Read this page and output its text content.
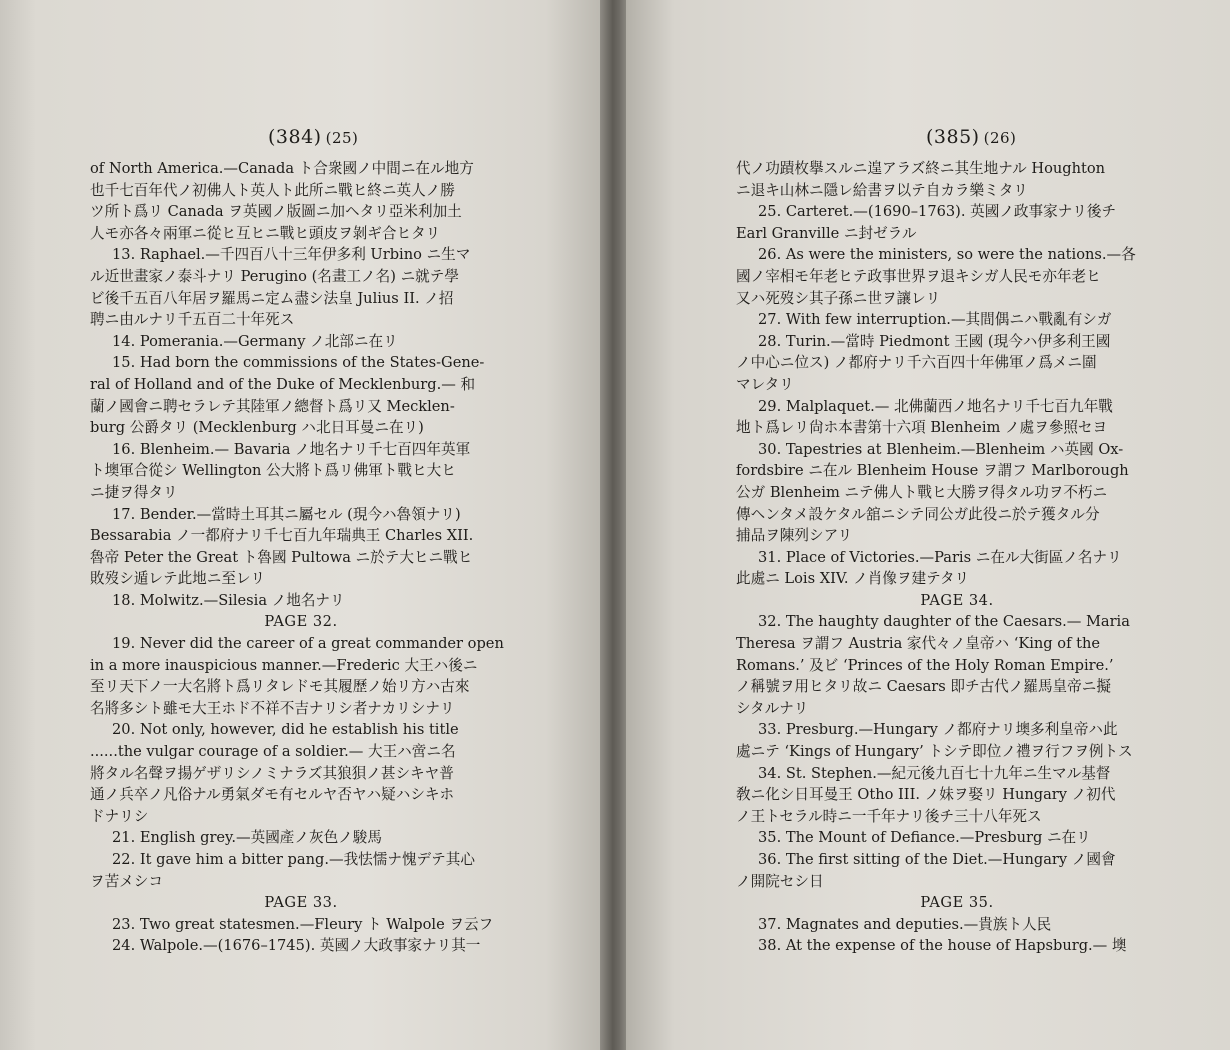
(384) (25)
of North America.—Canada ト合衆國ノ中間ニ在ル地方
也千七百年代ノ初佛人ト英人ト此所ニ戰ヒ終ニ英人ノ勝
ツ所ト爲リ Canada ヲ英國ノ版圖ニ加ヘタリ亞米利加土
人モ亦各々兩軍ニ從ヒ互ヒニ戰ヒ頭皮ヲ剝ギ合ヒタリ
13. Raphael.—千四百八十三年伊多利 Urbino ニ生マ
ル近世畫家ノ泰斗ナリ Perugino (名畫工ノ名) ニ就テ學
ビ後千五百八年居ヲ羅馬ニ定ム盡シ法皇 Julius II. ノ招
聘ニ由ルナリ千五百二十年死ス
14. Pomerania.—Germany ノ北部ニ在リ
15. Had born the commissions of the States-Gene-
ral of Holland and of the Duke of Mecklenburg.— 和
蘭ノ國會ニ聘セラレテ其陸軍ノ總督ト爲リ又 Mecklen-
burg 公爵タリ (Mecklenburg ハ北日耳曼ニ在リ)
16. Blenheim.— Bavaria ノ地名ナリ千七百四年英軍
ト墺軍合從シ Wellington 公大將ト爲リ佛軍ト戰ヒ大ヒ
ニ捷ヲ得タリ
17. Bender.—當時土耳其ニ屬セル (現今ハ魯領ナリ)
Bessarabia ノ一都府ナリ千七百九年瑞典王 Charles XII.
魯帝 Peter the Great ト魯國 Pultowa ニ於テ大ヒニ戰ヒ
敗歿シ遁レテ此地ニ至レリ
18. Molwitz.—Silesia ノ地名ナリ
PAGE 32.
19. Never did the career of a great commander open
in a more inauspicious manner.—Frederic 大王ハ後ニ
至リ天下ノ一大名將ト爲リタレドモ其履歷ノ始リ方ハ古來
名將多シト雖モ大王ホド不祥不吉ナリシ者ナカリシナリ
20. Not only, however, did he establish his title
......the vulgar courage of a soldier.— 大王ハ啻ニ名
將タル名聲ヲ揚ゲザリシノミナラズ其狼狽ノ甚シキヤ普
通ノ兵卒ノ凡俗ナル勇氣ダモ有セルヤ否ヤハ疑ハシキホ
ドナリシ
21. English grey.—英國產ノ灰色ノ駿馬
22. It gave him a bitter pang.—我怯懦ナ愧デテ其心
ヲ苦メシコ
PAGE 33.
23. Two great statesmen.—Fleury ト Walpole ヲ云フ
24. Walpole.—(1676–1745). 英國ノ大政事家ナリ其一
(385) (26)
代ノ功蹟枚擧スルニ遑アラズ終ニ其生地ナル Houghton
ニ退キ山林ニ隱レ給書ヲ以テ自カラ樂ミタリ
25. Carteret.—(1690–1763). 英國ノ政事家ナリ後チ
Earl Granville ニ封ゼラル
26. As were the ministers, so were the nations.—各
國ノ宰相モ年老ヒテ政事世界ヲ退キシガ人民モ亦年老ヒ
又ハ死歿シ其子孫ニ世ヲ讓レリ
27. With few interruption.—其間偶ニハ戰亂有シガ
28. Turin.—當時 Piedmont 王國 (現今ハ伊多利王國
ノ中心ニ位ス) ノ都府ナリ千六百四十年佛軍ノ爲メニ圍
マレタリ
29. Malplaquet.— 北佛蘭西ノ地名ナリ千七百九年戰
地ト爲レリ尙ホ本書第十六項 Blenheim ノ處ヲ參照セヨ
30. Tapestries at Blenheim.—Blenheim ハ英國 Ox-
fordsbire ニ在ル Blenheim House ヲ謂フ Marlborough
公ガ Blenheim ニテ佛人ト戰ヒ大勝ヲ得タル功ヲ不朽ニ
傳ヘンタメ設ケタル舘ニシテ同公ガ此役ニ於テ獲タル分
捕品ヲ陳列シアリ
31. Place of Victories.—Paris ニ在ル大街區ノ名ナリ
此處ニ Lois XIV. ノ肖像ヲ建テタリ
PAGE 34.
32. The haughty daughter of the Caesars.— Maria
Theresa ヲ謂フ Austria 家代々ノ皇帝ハ ‘King of the
Romans.’ 及ビ ‘Princes of the Holy Roman Empire.’
ノ稱號ヲ用ヒタリ故ニ Caesars 即チ古代ノ羅馬皇帝ニ擬
シタルナリ
33. Presburg.—Hungary ノ都府ナリ墺多利皇帝ハ此
處ニテ ‘Kings of Hungary’ トシテ即位ノ禮ヲ行フヲ例トス
34. St. Stephen.—紀元後九百七十九年ニ生マル基督
敎ニ化シ日耳曼王 Otho III. ノ妹ヲ娶リ Hungary ノ初代
ノ王トセラル時ニ一千年ナリ後チ三十八年死ス
35. The Mount of Defiance.—Presburg ニ在リ
36. The first sitting of the Diet.—Hungary ノ國會
ノ開院セシ日
PAGE 35.
37. Magnates and deputies.—貴族ト人民
38. At the expense of the house of Hapsburg.— 墺
